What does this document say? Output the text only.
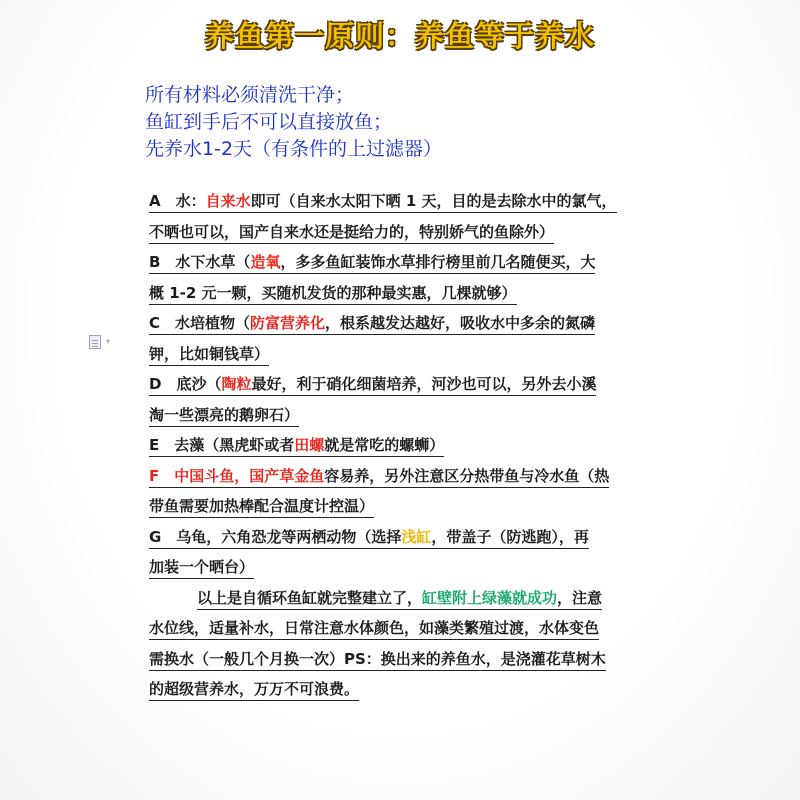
养鱼第一原则：养鱼等于养水
所有材料必须清洗干净；
鱼缸到手后不可以直接放鱼；
先养水1-2天（有条件的上过滤器）
▾
A　水：自来水即可（自来水太阳下晒 1 天，目的是去除水中的氯气，
不晒也可以，国产自来水还是挺给力的，特别娇气的鱼除外）
B　水下水草（造氧，多多鱼缸装饰水草排行榜里前几名随便买，大
概 1-2 元一颗，买随机发货的那种最实惠，几棵就够）
C　水培植物（防富营养化，根系越发达越好，吸收水中多余的氮磷
钾，比如铜钱草）
D　底沙（陶粒最好，利于硝化细菌培养，河沙也可以，另外去小溪
淘一些漂亮的鹅卵石）
E　去藻（黑虎虾或者田螺就是常吃的螺蛳）
F　中国斗鱼，国产草金鱼容易养，另外注意区分热带鱼与冷水鱼（热
带鱼需要加热棒配合温度计控温）
G　乌龟，六角恐龙等两栖动物（选择浅缸，带盖子（防逃跑），再
加装一个晒台）
以上是自循环鱼缸就完整建立了，缸壁附上绿藻就成功，注意
水位线，适量补水，日常注意水体颜色，如藻类繁殖过渡，水体变色
需换水（一般几个月换一次）PS：换出来的养鱼水，是浇灌花草树木
的超级营养水，万万不可浪费。
